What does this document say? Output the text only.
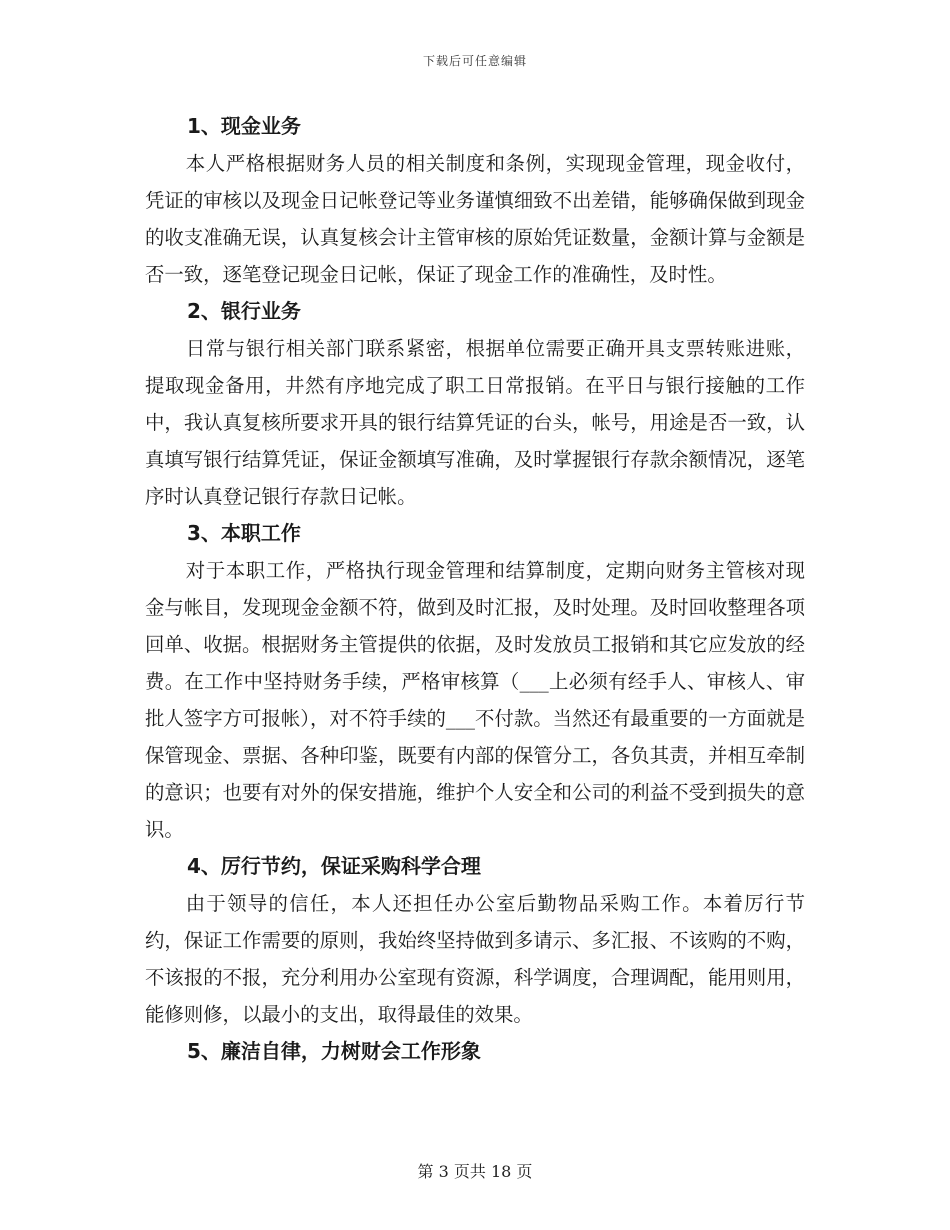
下载后可任意编辑

1、现金业务

本人严格根据财务人员的相关制度和条例，实现现金管理，现金收付，凭证的审核以及现金日记帐登记等业务谨慎细致不出差错，能够确保做到现金的收支准确无误，认真复核会计主管审核的原始凭证数量，金额计算与金额是否一致，逐笔登记现金日记帐，保证了现金工作的准确性，及时性。

2、银行业务

日常与银行相关部门联系紧密，根据单位需要正确开具支票转账进账，提取现金备用，井然有序地完成了职工日常报销。在平日与银行接触的工作中，我认真复核所要求开具的银行结算凭证的台头，帐号，用途是否一致，认真填写银行结算凭证，保证金额填写准确，及时掌握银行存款余额情况，逐笔序时认真登记银行存款日记帐。

3、本职工作

对于本职工作，严格执行现金管理和结算制度，定期向财务主管核对现金与帐目，发现现金金额不符，做到及时汇报，及时处理。及时回收整理各项回单、收据。根据财务主管提供的依据，及时发放员工报销和其它应发放的经费。在工作中坚持财务手续，严格审核算（___上必须有经手人、审核人、审批人签字方可报帐），对不符手续的___不付款。当然还有最重要的一方面就是保管现金、票据、各种印鉴，既要有内部的保管分工，各负其责，并相互牵制的意识；也要有对外的保安措施，维护个人安全和公司的利益不受到损失的意识。

4、厉行节约，保证采购科学合理

由于领导的信任，本人还担任办公室后勤物品采购工作。本着厉行节约，保证工作需要的原则，我始终坚持做到多请示、多汇报、不该购的不购，不该报的不报，充分利用办公室现有资源，科学调度，合理调配，能用则用，能修则修，以最小的支出，取得最佳的效果。

5、廉洁自律，力树财会工作形象

第 3 页共 18 页
